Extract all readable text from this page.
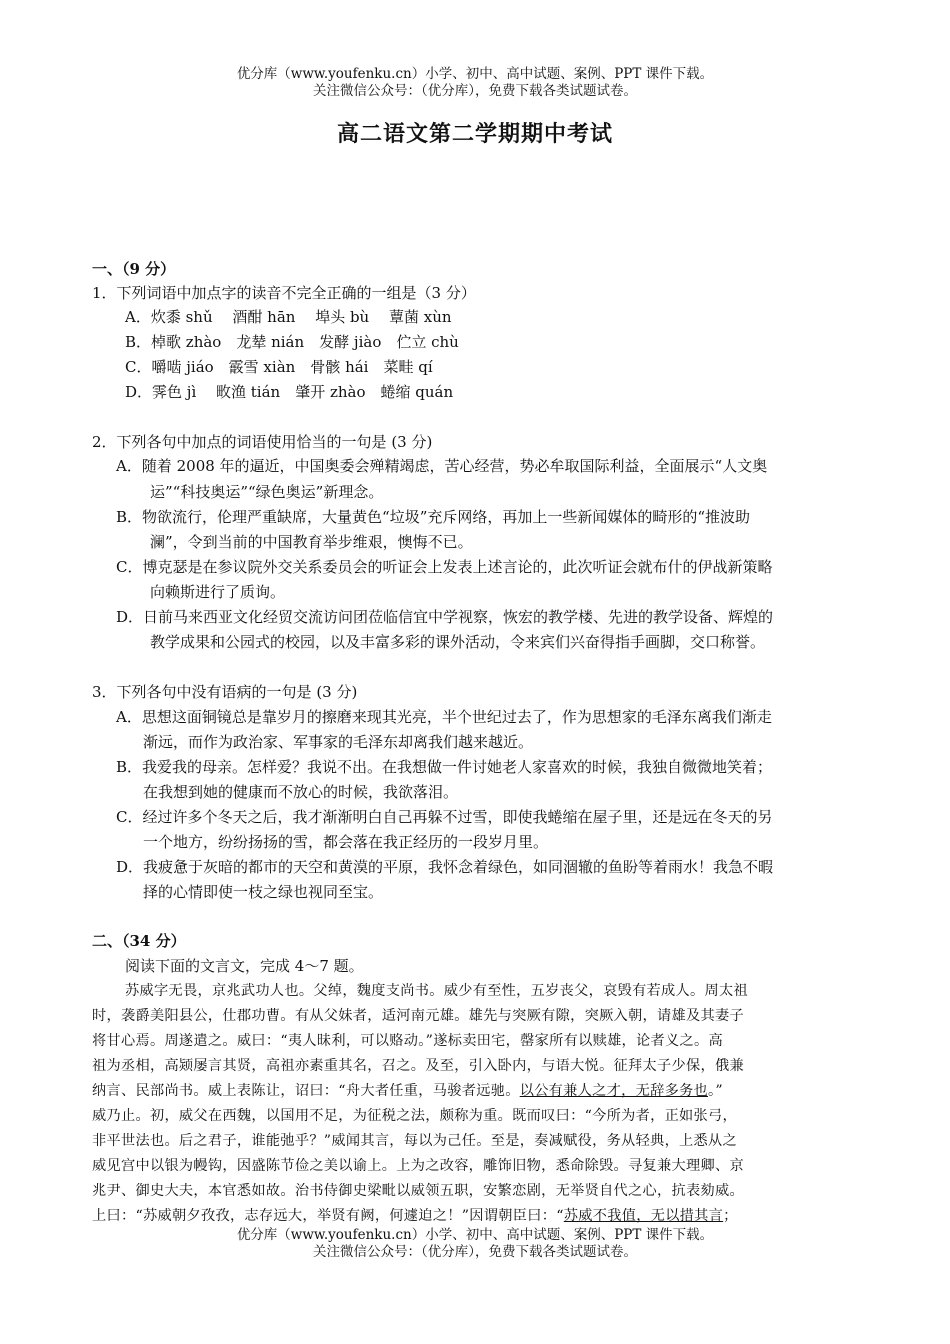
优分库（www.youfenku.cn）小学、初中、高中试题、案例、PPT 课件下载。
关注微信公众号：（优分库），免费下载各类试题试卷。
高二语文第二学期期中考试
一、（9 分）
1．下列词语中加点字的读音不完全正确的一组是（3 分）
A．炊黍 shǔ　 酒酣 hān　 埠头 bù　 蕈菌 xùn
B．棹歌 zhào　龙辇 nián　发酵 jiào　伫立 chù
C．嚼啮 jiáo　霰雪 xiàn　骨骸 hái　菜畦 qí
D．霁色 jì　 畋渔 tián　肇开 zhào　蜷缩 quán
2．下列各句中加点的词语使用恰当的一句是 (3 分)
A．随着 2008 年的逼近，中国奥委会殚精竭虑，苦心经营，势必牟取国际利益，全面展示“人文奥
运”“科技奥运”“绿色奥运”新理念。
B．物欲流行，伦理严重缺席，大量黄色“垃圾”充斥网络，再加上一些新闻媒体的畸形的“推波助
澜”，令到当前的中国教育举步维艰，懊悔不已。
C．博克瑟是在参议院外交关系委员会的听证会上发表上述言论的，此次听证会就布什的伊战新策略
向赖斯进行了质询。
D．日前马来西亚文化经贸交流访问团莅临信宜中学视察，恢宏的教学楼、先进的教学设备、辉煌的
教学成果和公园式的校园，以及丰富多彩的课外活动，令来宾们兴奋得指手画脚，交口称誉。
3．下列各句中没有语病的一句是 (3 分)
A．思想这面铜镜总是靠岁月的擦磨来现其光亮，半个世纪过去了，作为思想家的毛泽东离我们渐走
渐远，而作为政治家、军事家的毛泽东却离我们越来越近。
B．我爱我的母亲。怎样爱？我说不出。在我想做一件讨她老人家喜欢的时候，我独自微微地笑着；
在我想到她的健康而不放心的时候，我欲落泪。
C．经过许多个冬天之后，我才渐渐明白自己再躲不过雪，即使我蜷缩在屋子里，还是远在冬天的另
一个地方，纷纷扬扬的雪，都会落在我正经历的一段岁月里。
D．我疲惫于灰暗的都市的天空和黄漠的平原，我怀念着绿色，如同涸辙的鱼盼等着雨水！我急不暇
择的心情即使一枝之绿也视同至宝。
二、（34 分）
阅读下面的文言文，完成 4～7 题。
苏威字无畏，京兆武功人也。父绰，魏度支尚书。威少有至性，五岁丧父，哀毁有若成人。周太祖
时，袭爵美阳县公，仕郡功曹。有从父妹者，适河南元雄。雄先与突厥有隙，突厥入朝，请雄及其妻子
将甘心焉。周遂遣之。威曰：“夷人昧利，可以赂动。”遂标卖田宅，罄家所有以赎雄，论者义之。高
祖为丞相，高颎屡言其贤，高祖亦素重其名，召之。及至，引入卧内，与语大悦。征拜太子少保，俄兼
纳言、民部尚书。威上表陈让，诏曰：“舟大者任重，马骏者远驰。以公有兼人之才，无辞多务也。”
威乃止。初，威父在西魏，以国用不足，为征税之法，颇称为重。既而叹曰：“今所为者，正如张弓，
非平世法也。后之君子，谁能弛乎？”威闻其言，每以为己任。至是，奏减赋役，务从轻典，上悉从之
威见宫中以银为幔钩，因盛陈节俭之美以谕上。上为之改容，雕饰旧物，悉命除毁。寻复兼大理卿、京
兆尹、御史大夫，本官悉如故。治书侍御史梁毗以威领五职，安繁恋剧，无举贤自代之心，抗表劾威。
上曰：“苏威朝夕孜孜，志存远大，举贤有阙，何遽迫之！”因谓朝臣曰：“苏威不我值，无以措其言；
优分库（www.youfenku.cn）小学、初中、高中试题、案例、PPT 课件下载。
关注微信公众号：（优分库），免费下载各类试题试卷。
